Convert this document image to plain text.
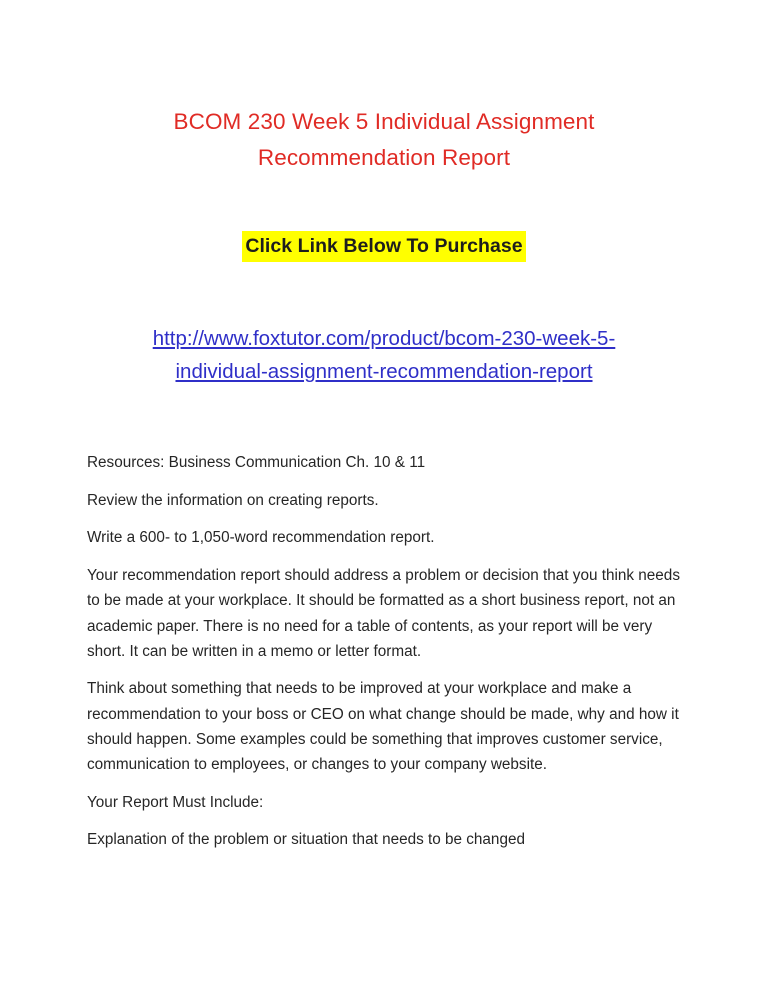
BCOM 230 Week 5 Individual Assignment
Recommendation Report
Click Link Below To Purchase
http://www.foxtutor.com/product/bcom-230-week-5-
individual-assignment-recommendation-report

Resources: Business Communication Ch. 10 & 11

Review the information on creating reports.

Write a 600- to 1,050-word recommendation report.

Your recommendation report should address a problem or decision that you think needs to be made at your workplace. It should be formatted as a short business report, not an academic paper. There is no need for a table of contents, as your report will be very short. It can be written in a memo or letter format.

Think about something that needs to be improved at your workplace and make a recommendation to your boss or CEO on what change should be made, why and how it should happen. Some examples could be something that improves customer service, communication to employees, or changes to your company website.

Your Report Must Include:

Explanation of the problem or situation that needs to be changed
